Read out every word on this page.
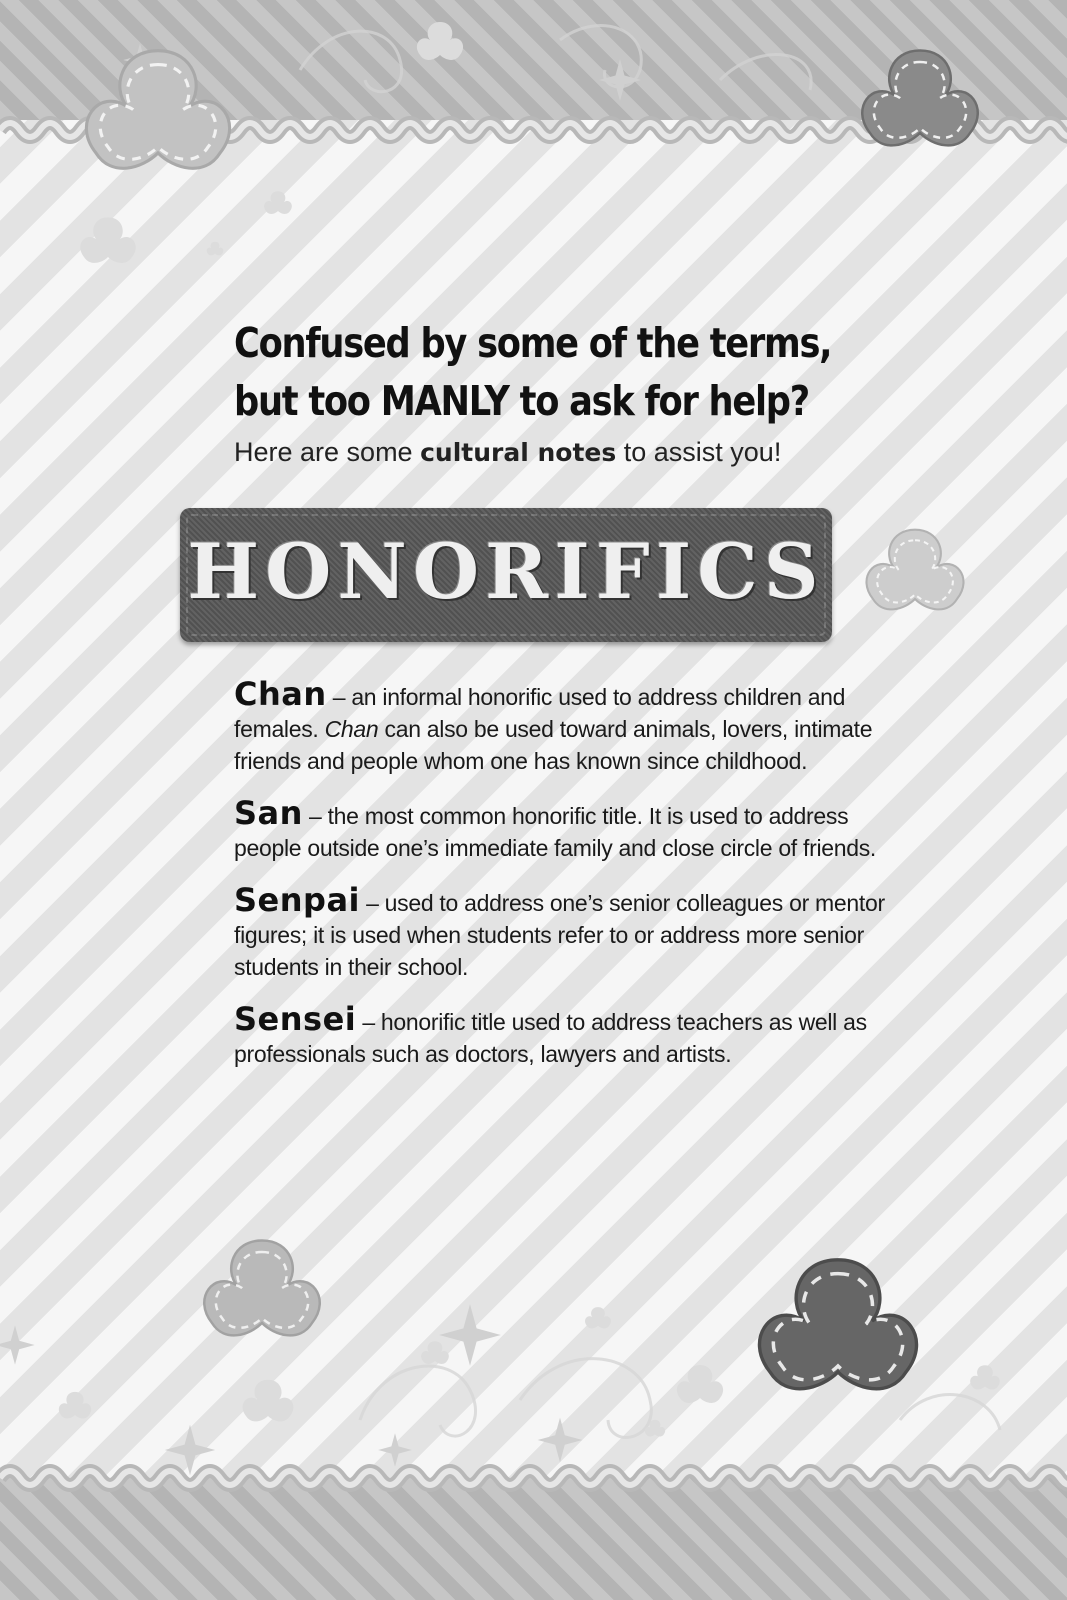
Confused by some of the terms,

but too MANLY to ask for help?

Here are some cultural notes to assist you!

HONORIFICS

Chan – an informal honorific used to address children and females. Chan can also be used toward animals, lovers, intimate friends and people whom one has known since childhood.

San – the most common honorific title. It is used to address people outside one’s immediate family and close circle of friends.

Senpai – used to address one’s senior colleagues or mentor figures; it is used when students refer to or address more senior students in their school.

Sensei – honorific title used to address teachers as well as professionals such as doctors, lawyers and artists.
